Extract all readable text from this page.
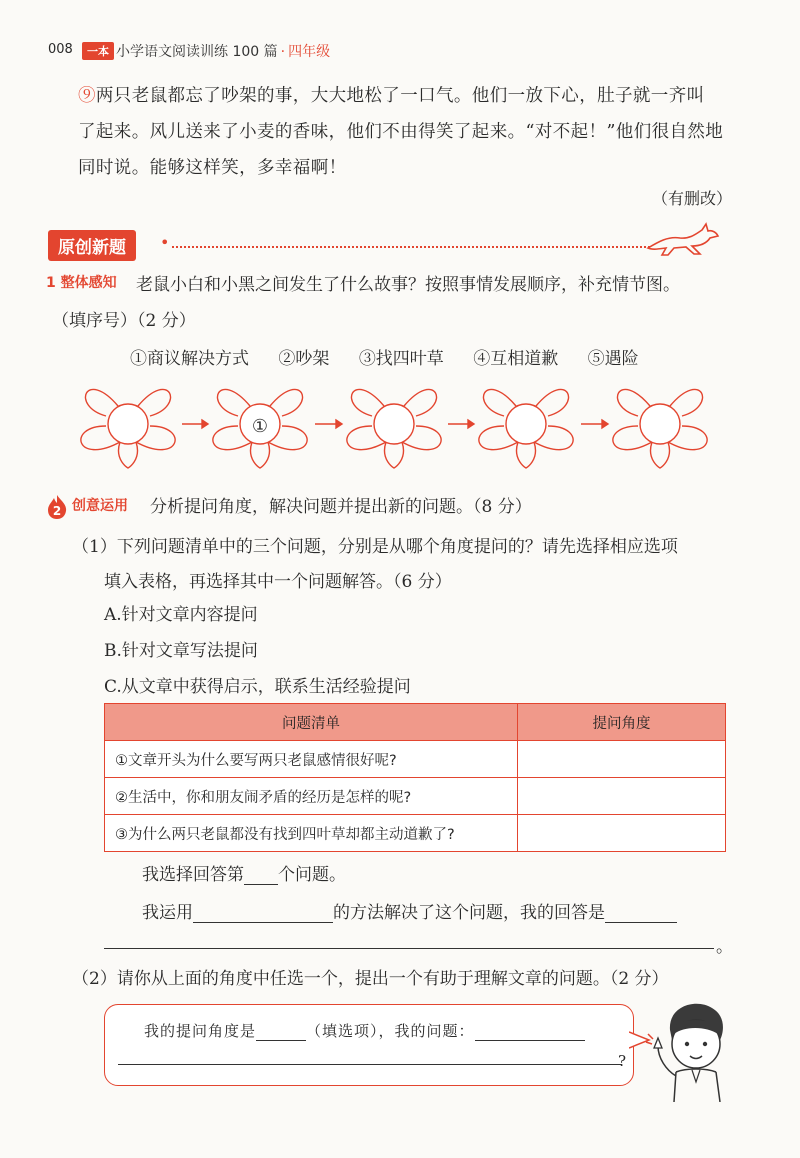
008	一本 小学语文阅读训练 100 篇 · 四年级
⑨两只老鼠都忘了吵架的事，大大地松了一口气。他们一放下心，肚子就一齐叫
了起来。风儿送来了小麦的香味，他们不由得笑了起来。“对不起！”他们很自然地
同时说。能够这样笑，多幸福啊！
（有删改）
原创新题	•
1 整体感知 老鼠小白和小黑之间发生了什么故事？按照事情发展顺序，补充情节图。
（填序号）（2 分）
①商议解决方式 ②吵架 ③找四叶草 ④互相道歉 ⑤遇险
①
2 创意运用 分析提问角度，解决问题并提出新的问题。（8 分）
（1）下列问题清单中的三个问题，分别是从哪个角度提问的？请先选择相应选项
填入表格，再选择其中一个问题解答。（6 分）
A.针对文章内容提问
B.针对文章写法提问
C.从文章中获得启示，联系生活经验提问
问题清单	提问角度
①文章开头为什么要写两只老鼠感情很好呢?	
②生活中，你和朋友闹矛盾的经历是怎样的呢?	
③为什么两只老鼠都没有找到四叶草却都主动道歉了?	
我选择回答第 个问题。
我运用	的方法解决了这个问题，我的回答是
。
（2）请你从上面的角度中任选一个，提出一个有助于理解文章的问题。（2 分）
我的提问角度是	（填选项），我的问题：
?
